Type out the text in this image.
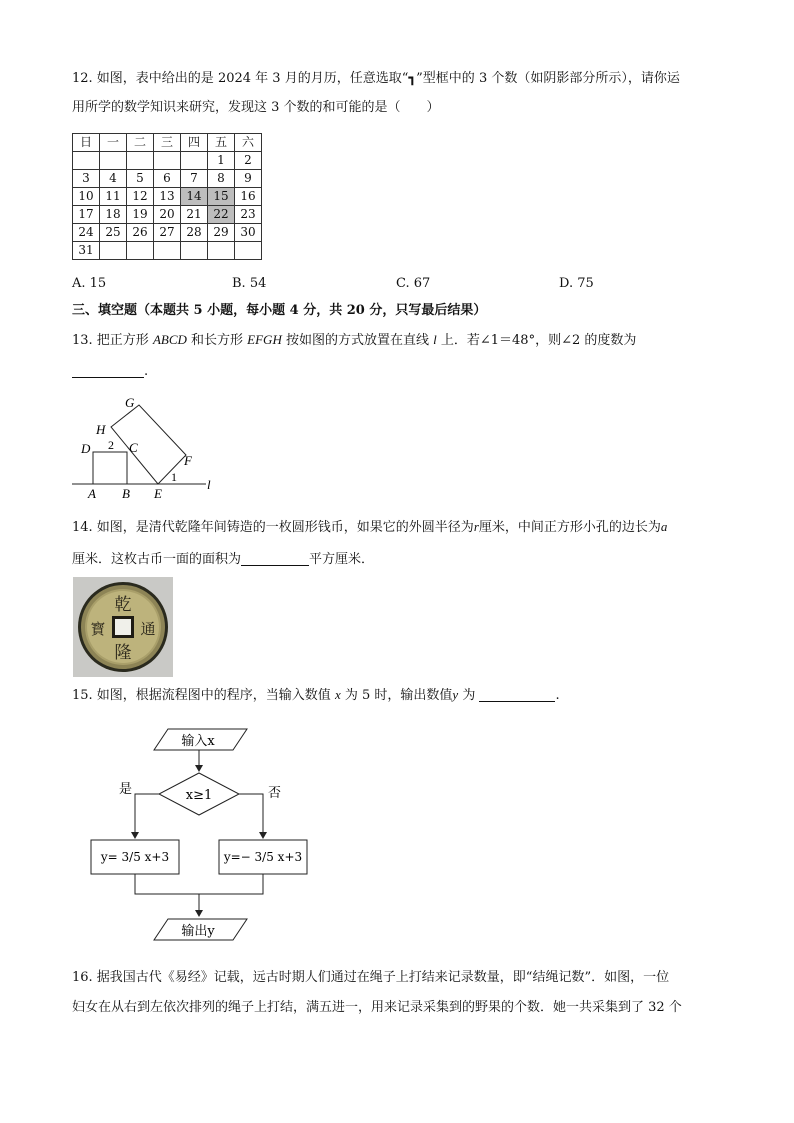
12. 如图，表中给出的是 2024 年 3 月的月历，任意选取“┓”型框中的 3 个数（如阴影部分所示），请你运
用所学的数学知识来研究，发现这 3 个数的和可能的是（　　）
日	一	二	三	四	五	六
					1	2
3	4	5	6	7	8	9
10	11	12	13	14	15	16
17	18	19	20	21	22	23
24	25	26	27	28	29	30
31						
A. 15	B. 54	C. 67	D. 75
三、填空题（本题共 5 小题，每小题 4 分，共 20 分，只写最后结果）
13. 把正方形 ABCD 和长方形 EFGH 按如图的方式放置在直线 l 上．若∠1＝48°，则∠2 的度数为
.
G
H
D 2 C
F
1
A B E
l
14. 如图，是清代乾隆年间铸造的一枚圆形钱币，如果它的外圆半径为r厘米，中间正方形小孔的边长为a
厘米．这枚古币一面的面积为	平方厘米．
乾
隆
寳 通
15. 如图，根据流程图中的程序，当输入数值 x 为 5 时，输出数值y 为	.
输入x
x≥1
是	否
y= 3/5 x+3	y=− 3/5 x+3
输出y
16. 据我国古代《易经》记载，远古时期人们通过在绳子上打结来记录数量，即“结绳记数”．如图，一位
妇女在从右到左依次排列的绳子上打结，满五进一，用来记录采集到的野果的个数．她一共采集到了 32 个
